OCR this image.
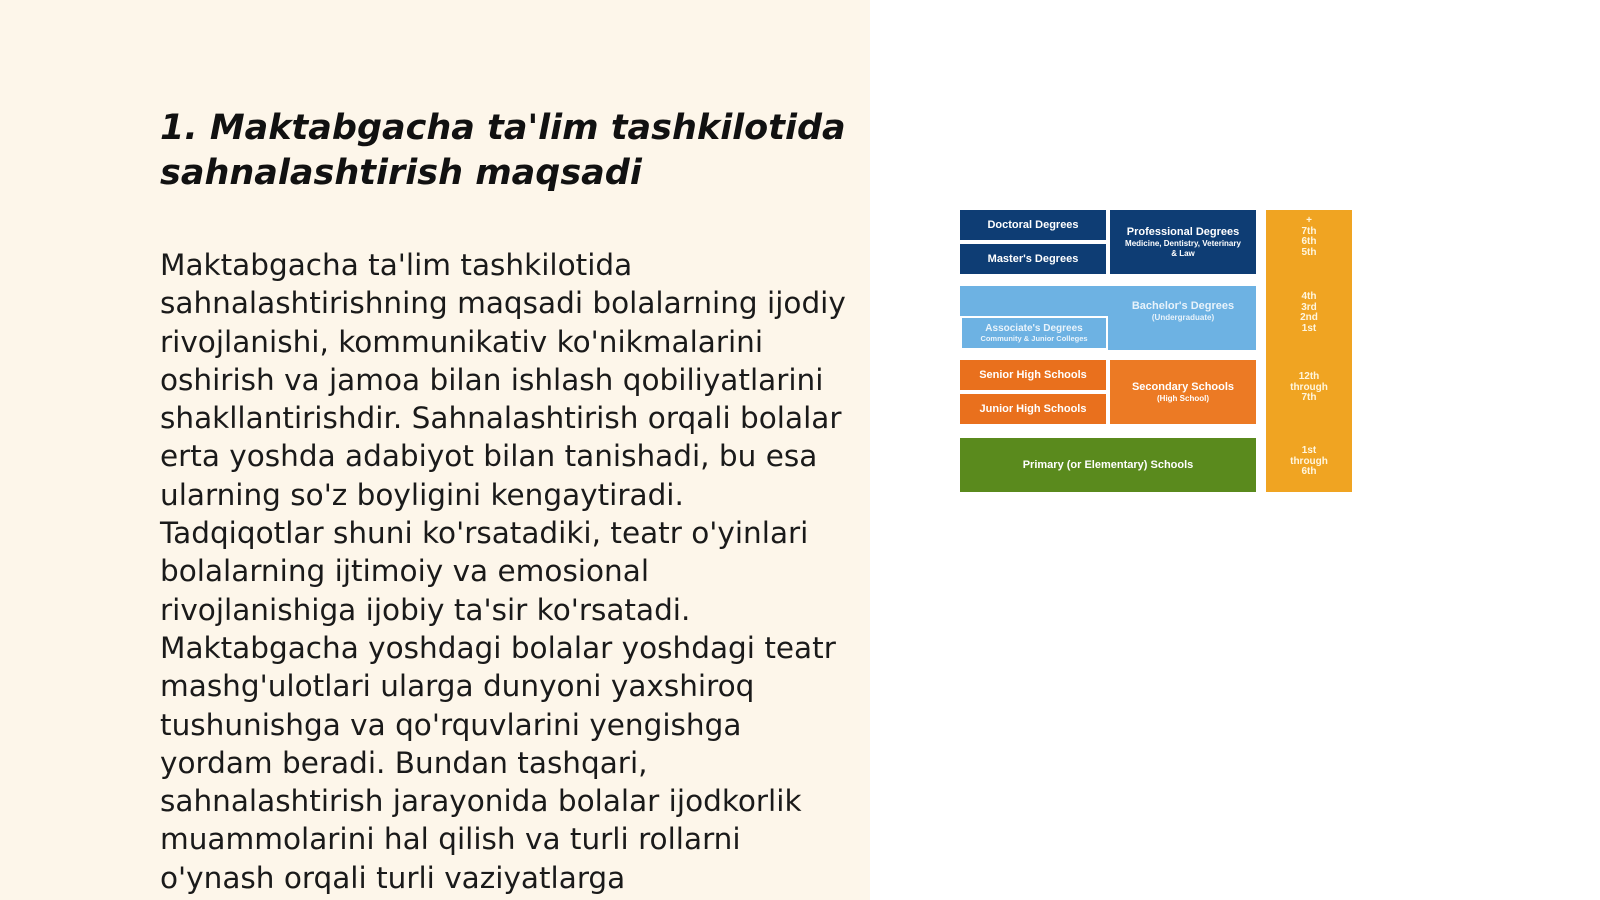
1. Maktabgacha ta'lim tashkilotida sahnalashtirish maqsadi

Maktabgacha ta'lim tashkilotida sahnalashtirishning maqsadi bolalarning ijodiy rivojlanishi, kommunikativ ko'nikmalarini oshirish va jamoa bilan ishlash qobiliyatlarini shakllantirishdir. Sahnalashtirish orqali bolalar erta yoshda adabiyot bilan tanishadi, bu esa ularning so'z boyligini kengaytiradi. Tadqiqotlar shuni ko'rsatadiki, teatr o'yinlari bolalarning ijtimoiy va emosional rivojlanishiga ijobiy ta'sir ko'rsatadi. Maktabgacha yoshdagi bolalar yoshdagi teatr mashg'ulotlari ularga dunyoni yaxshiroq tushunishga va qo'rquvlarini yengishga yordam beradi. Bundan tashqari, sahnalashtirish jarayonida bolalar ijodkorlik muammolarini hal qilish va turli rollarni o'ynash orqali turli vaziyatlarga

Doctoral Degrees
Master's Degrees
Professional Degrees
Medicine, Dentistry, Veterinary & Law
Bachelor's Degrees
(Undergraduate)
Associate's Degrees
Community & Junior Colleges
Senior High Schools
Junior High Schools
Secondary Schools
(High School)
Primary (or Elementary) Schools
+
7th
6th
5th
4th
3rd
2nd
1st
12th
through
7th
1st
through
6th
